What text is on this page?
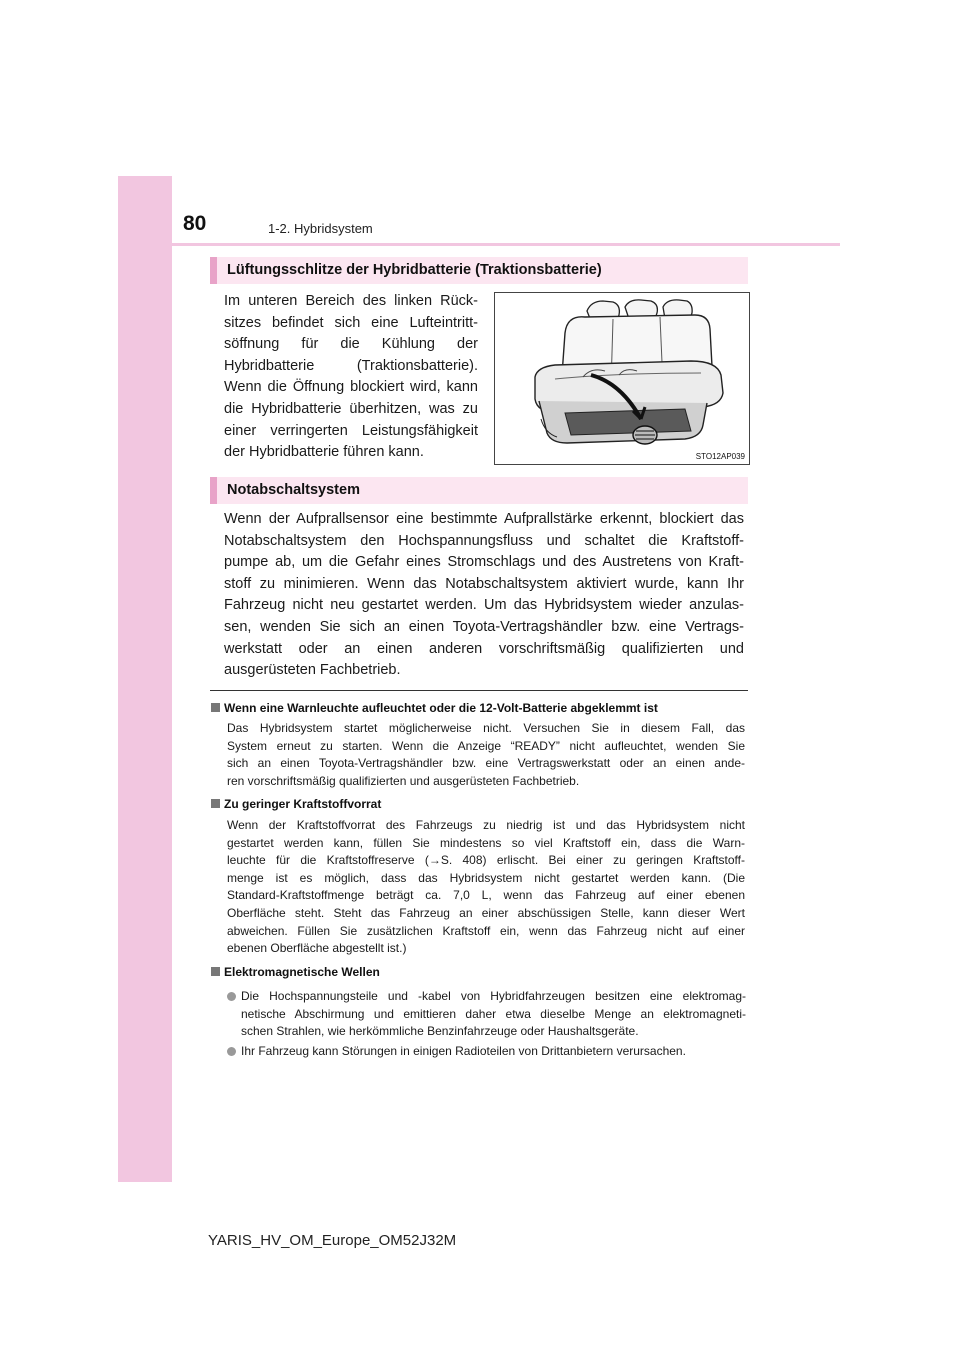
80	1-2. Hybridsystem
Lüftungsschlitze der Hybridbatterie (Traktionsbatterie)
Im unteren Bereich des linken Rück-
sitzes befindet sich eine Lufteintritt-
söffnung für die Kühlung der
Hybridbatterie (Traktionsbatterie).
Wenn die Öffnung blockiert wird, kann
die Hybridbatterie überhitzen, was zu
einer verringerten Leistungsfähigkeit
der Hybridbatterie führen kann.	STO12AP039
Notabschaltsystem
Wenn der Aufprallsensor eine bestimmte Aufprallstärke erkennt, blockiert das
Notabschaltsystem den Hochspannungsfluss und schaltet die Kraftstoff-
pumpe ab, um die Gefahr eines Stromschlags und des Austretens von Kraft-
stoff zu minimieren. Wenn das Notabschaltsystem aktiviert wurde, kann Ihr
Fahrzeug nicht neu gestartet werden. Um das Hybridsystem wieder anzulas-
sen, wenden Sie sich an einen Toyota-Vertragshändler bzw. eine Vertrags-
werkstatt oder an einen anderen vorschriftsmäßig qualifizierten und
ausgerüsteten Fachbetrieb.
Wenn eine Warnleuchte aufleuchtet oder die 12-Volt-Batterie abgeklemmt ist
Das Hybridsystem startet möglicherweise nicht. Versuchen Sie in diesem Fall, das
System erneut zu starten. Wenn die Anzeige “READY” nicht aufleuchtet, wenden Sie
sich an einen Toyota-Vertragshändler bzw. eine Vertragswerkstatt oder an einen ande-
ren vorschriftsmäßig qualifizierten und ausgerüsteten Fachbetrieb.
Zu geringer Kraftstoffvorrat
Wenn der Kraftstoffvorrat des Fahrzeugs zu niedrig ist und das Hybridsystem nicht
gestartet werden kann, füllen Sie mindestens so viel Kraftstoff ein, dass die Warn-
leuchte für die Kraftstoffreserve (→S. 408) erlischt. Bei einer zu geringen Kraftstoff-
menge ist es möglich, dass das Hybridsystem nicht gestartet werden kann. (Die
Standard-Kraftstoffmenge beträgt ca. 7,0 L, wenn das Fahrzeug auf einer ebenen
Oberfläche steht. Steht das Fahrzeug an einer abschüssigen Stelle, kann dieser Wert
abweichen. Füllen Sie zusätzlichen Kraftstoff ein, wenn das Fahrzeug nicht auf einer
ebenen Oberfläche abgestellt ist.)
Elektromagnetische Wellen
Die Hochspannungsteile und -kabel von Hybridfahrzeugen besitzen eine elektromag-
netische Abschirmung und emittieren daher etwa dieselbe Menge an elektromagneti-
schen Strahlen, wie herkömmliche Benzinfahrzeuge oder Haushaltsgeräte.
Ihr Fahrzeug kann Störungen in einigen Radioteilen von Drittanbietern verursachen.
YARIS_HV_OM_Europe_OM52J32M
